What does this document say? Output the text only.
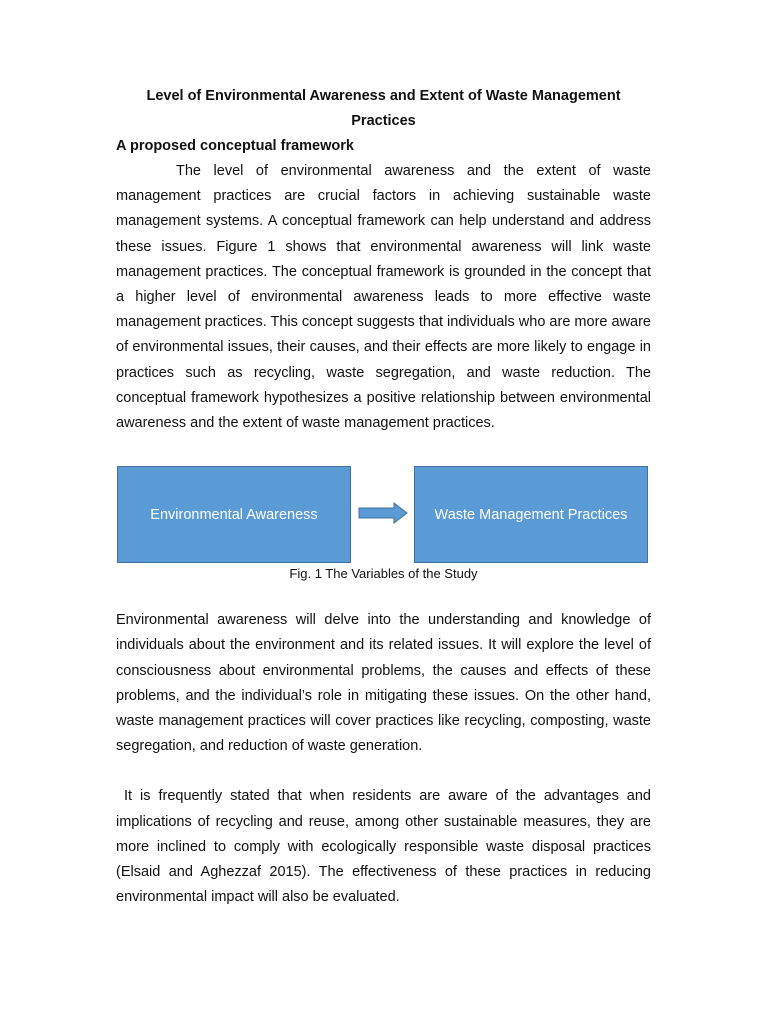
Level of Environmental Awareness and Extent of Waste Management Practices
A proposed conceptual framework

The level of environmental awareness and the extent of waste management practices are crucial factors in achieving sustainable waste management systems. A conceptual framework can help understand and address these issues. Figure 1 shows that environmental awareness will link waste management practices. The conceptual framework is grounded in the concept that a higher level of environmental awareness leads to more effective waste management practices. This concept suggests that individuals who are more aware of environmental issues, their causes, and their effects are more likely to engage in practices such as recycling, waste segregation, and waste reduction. The conceptual framework hypothesizes a positive relationship between environmental awareness and the extent of waste management practices.

Environmental Awareness	Waste Management Practices
Fig. 1 The Variables of the Study

Environmental awareness will delve into the understanding and knowledge of individuals about the environment and its related issues. It will explore the level of consciousness about environmental problems, the causes and effects of these problems, and the individual’s role in mitigating these issues. On the other hand, waste management practices will cover practices like recycling, composting, waste segregation, and reduction of waste generation.

It is frequently stated that when residents are aware of the advantages and implications of recycling and reuse, among other sustainable measures, they are more inclined to comply with ecologically responsible waste disposal practices (Elsaid and Aghezzaf 2015). The effectiveness of these practices in reducing environmental impact will also be evaluated.
